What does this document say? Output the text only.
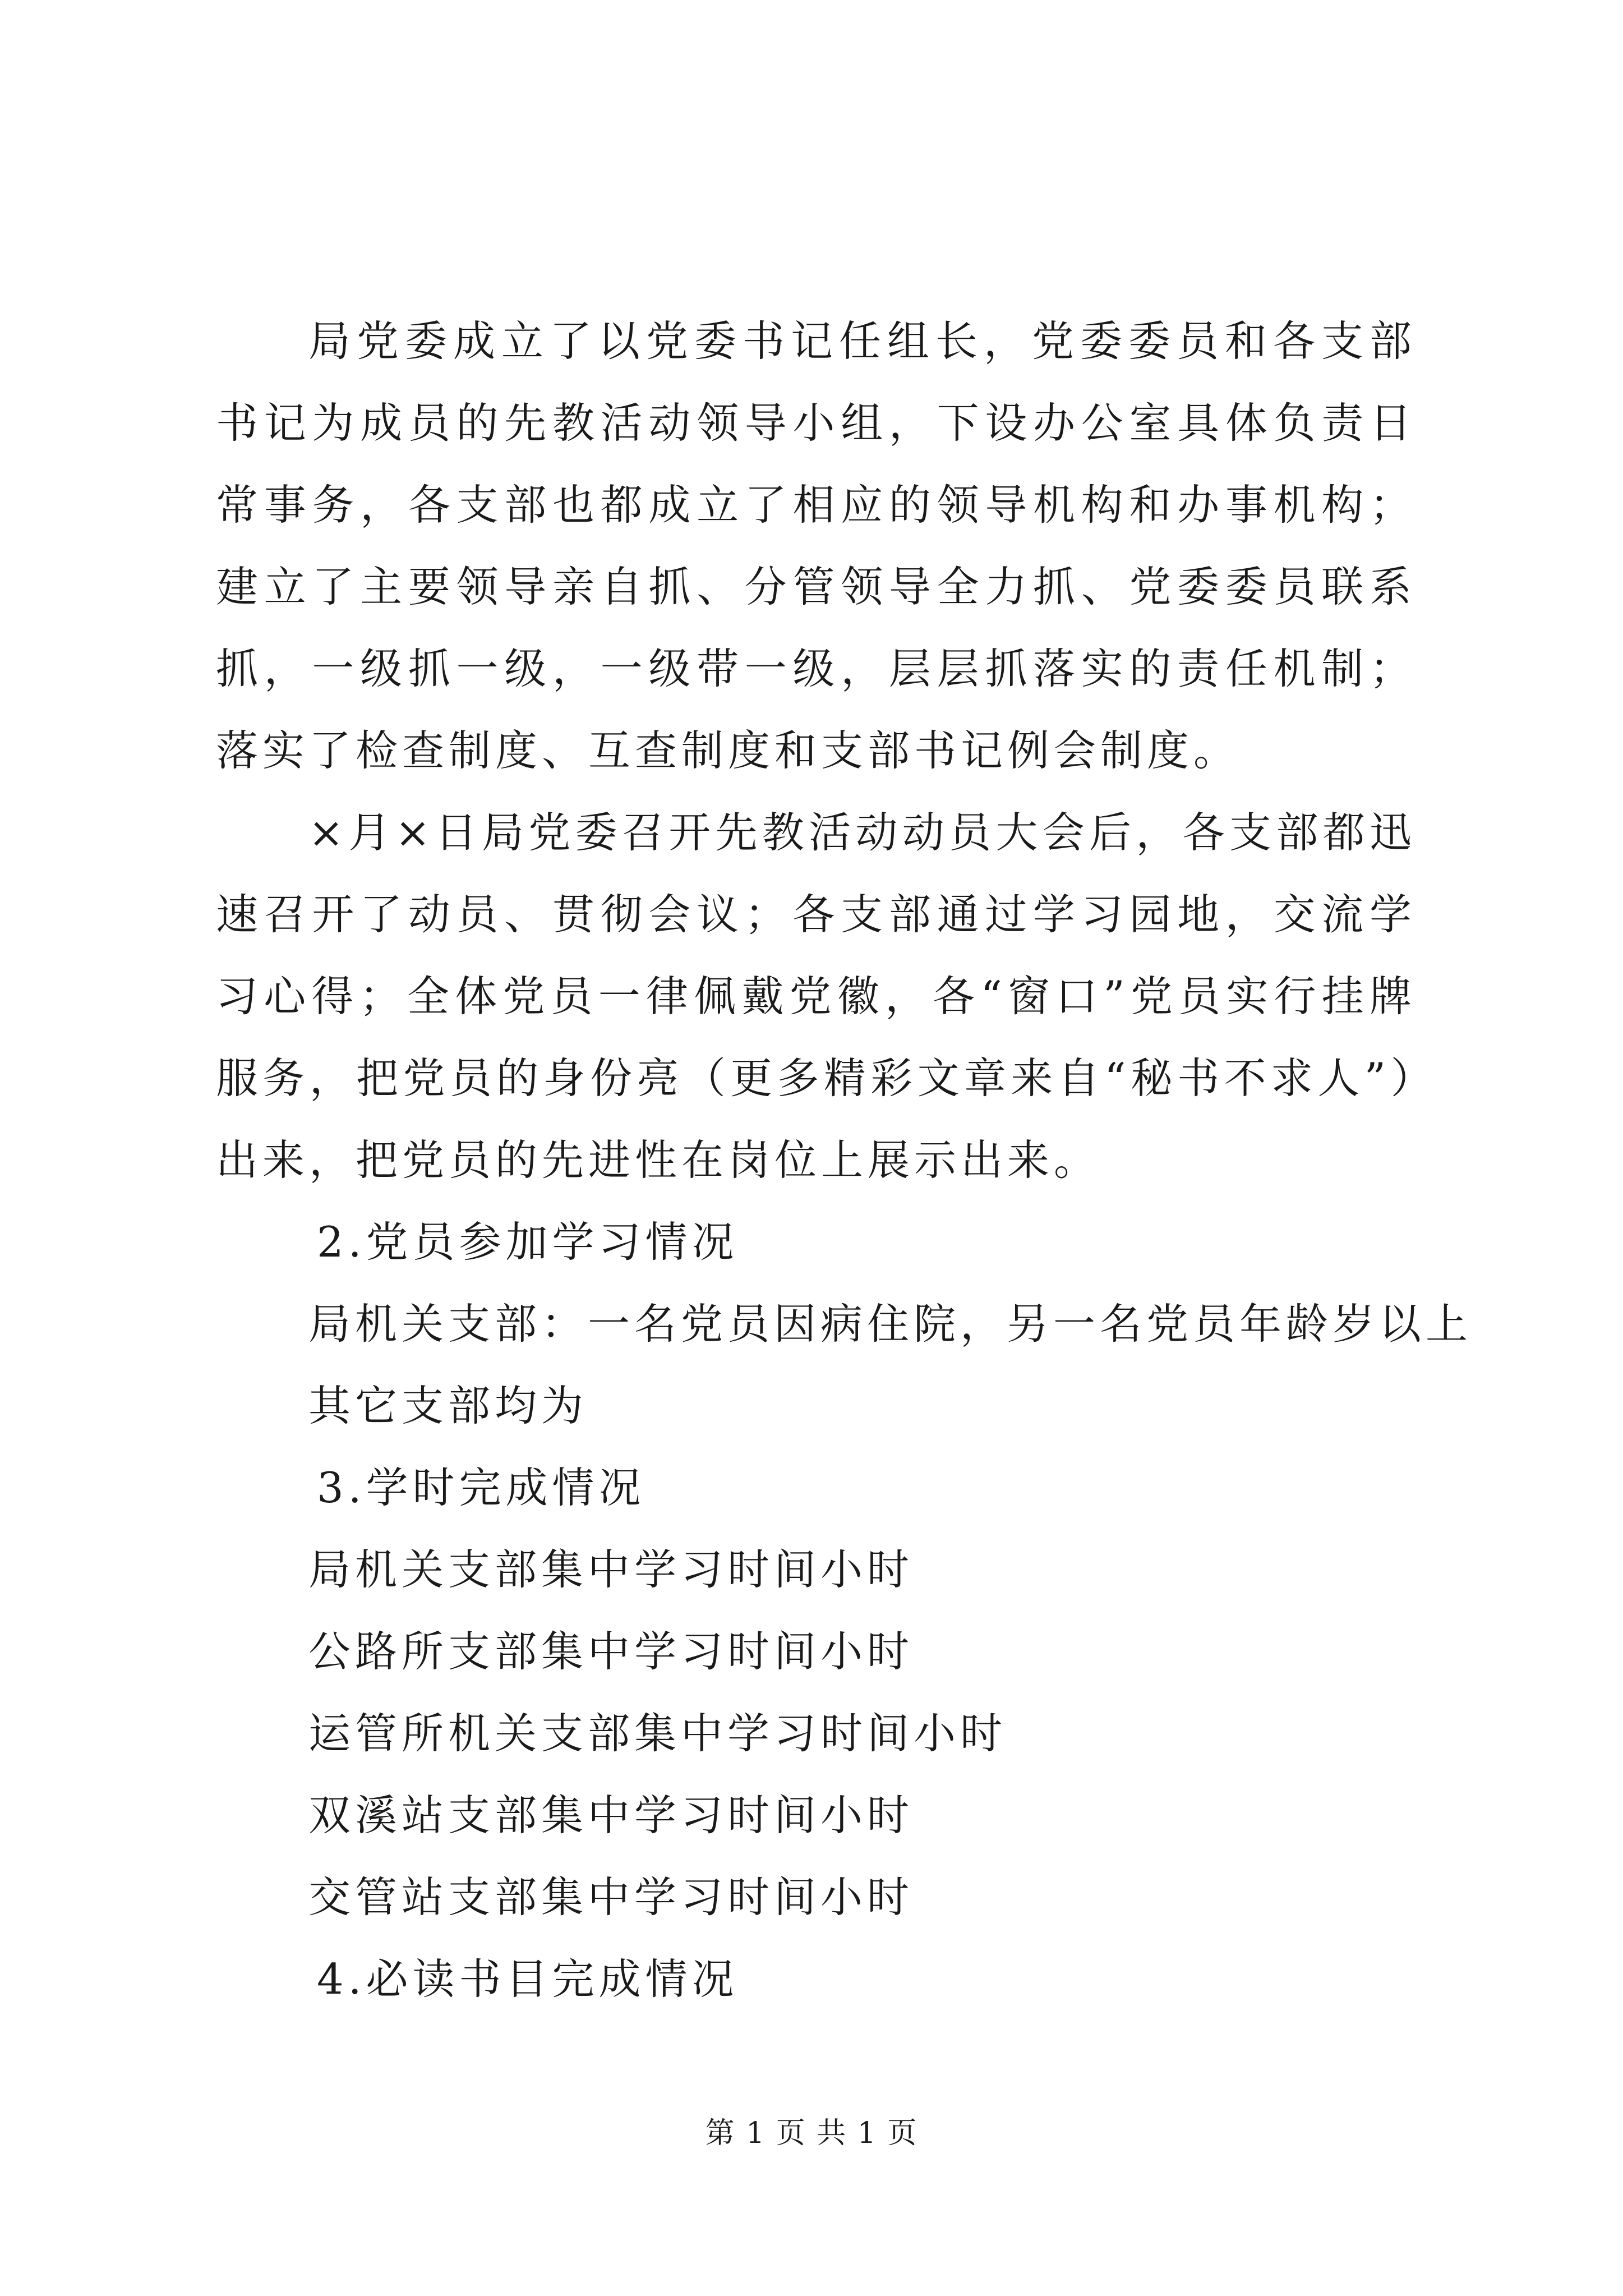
局党委成立了以党委书记任组长，党委委员和各支部书记为成员的先教活动领导小组，下设办公室具体负责日常事务，各支部也都成立了相应的领导机构和办事机构；建立了主要领导亲自抓、分管领导全力抓、党委委员联系抓，一级抓一级，一级带一级，层层抓落实的责任机制；落实了检查制度、互查制度和支部书记例会制度。

×月×日局党委召开先教活动动员大会后，各支部都迅速召开了动员、贯彻会议；各支部通过学习园地，交流学习心得；全体党员一律佩戴党徽，各“窗口”党员实行挂牌服务，把党员的身份亮（更多精彩文章来自“秘书不求人”）出来，把党员的先进性在岗位上展示出来。

2.党员参加学习情况

局机关支部：一名党员因病住院，另一名党员年龄岁以上

其它支部均为

3.学时完成情况

局机关支部集中学习时间小时

公路所支部集中学习时间小时

运管所机关支部集中学习时间小时

双溪站支部集中学习时间小时

交管站支部集中学习时间小时

4.必读书目完成情况

第 1 页 共 1 页
